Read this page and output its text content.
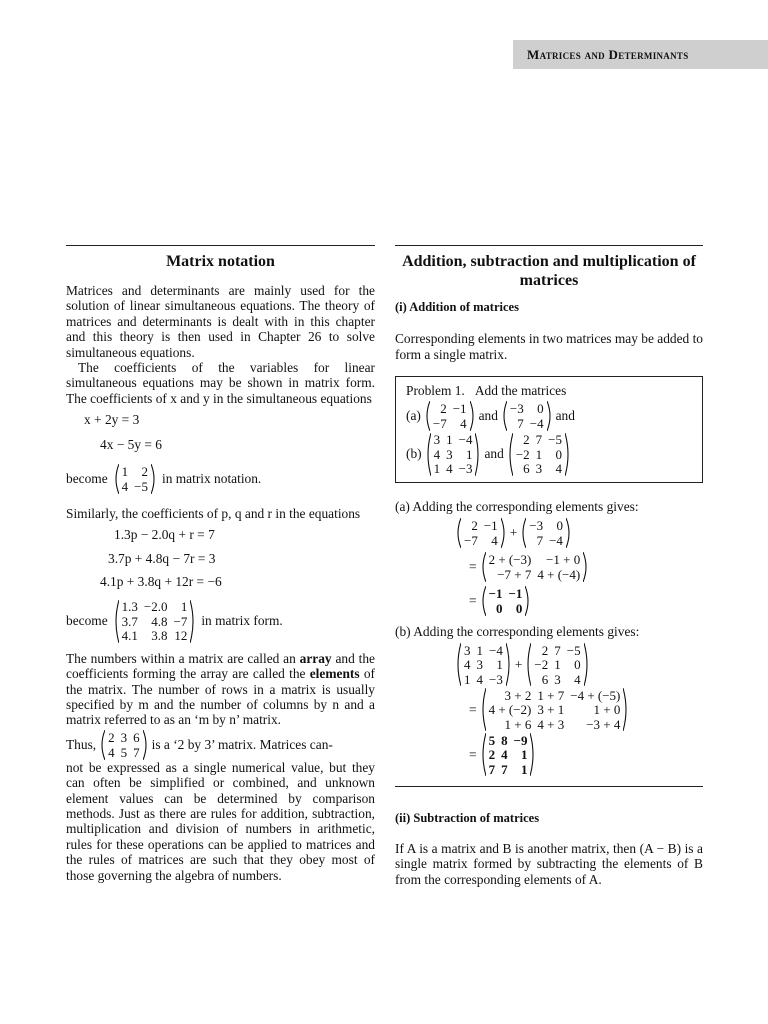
Matrices and Determinants
Matrix notation

Matrices and determinants are mainly used for the solution of linear simultaneous equations. The theory of matrices and determinants is dealt with in this chapter and this theory is then used in Chapter 26 to solve simultaneous equations.

The coefficients of the variables for linear simultaneous equations may be shown in matrix form. The coefficients of x and y in the simultaneous equations

x + 2y = 3
4x − 5y = 6
become 1	2
4	−5
in matrix notation.

Similarly, the coefficients of p, q and r in the equations

1.3p − 2.0q + r = 7
3.7p + 4.8q − 7r = 3
4.1p + 3.8q + 12r = −6
become
1.3	−2.0	1
3.7	4.8	−7
4.1	3.8	12
in matrix form.

The numbers within a matrix are called an array and the coefficients forming the array are called the elements of the matrix. The number of rows in a matrix is usually specified by m and the number of columns by n and a matrix referred to as an ‘m by n’ matrix.

Thus, 2	3	6
4	5	7
is a ‘2 by 3’ matrix. Matrices can-

not be expressed as a single numerical value, but they can often be simplified or combined, and unknown element values can be determined by comparison methods. Just as there are rules for addition, subtraction, multiplication and division of numbers in arithmetic, rules for these operations can be applied to matrices and the rules of matrices are such that they obey most of those governing the algebra of numbers.

Addition, subtraction and multiplication of matrices
(i) Addition of matrices

Corresponding elements in two matrices may be added to form a single matrix.

Problem 1. Add the matrices
(a) 2	−1
−7	4
and −3	0
7	−4
and
(b)
3	1	−4
4	3	1
1	4	−3
and
2	7	−5
−2	1	0
6	3	4
(a) Adding the corresponding elements gives:
2	−1
−7	4
+ −3	0
7	−4
= 2 + (−3)	−1 + 0
−7 + 7	4 + (−4)
= −1	−1
0	0
(b) Adding the corresponding elements gives:
3	1	−4
4	3	1
1	4	−3
+
2	7	−5
−2	1	0
6	3	4
=
3 + 2	1 + 7	−4 + (−5)
4 + (−2)	3 + 1	1 + 0
1 + 6	4 + 3	−3 + 4
=
5	8	−9
2	4	1
7	7	1
(ii) Subtraction of matrices

If A is a matrix and B is another matrix, then (A − B) is a single matrix formed by subtracting the elements of B from the corresponding elements of A.
